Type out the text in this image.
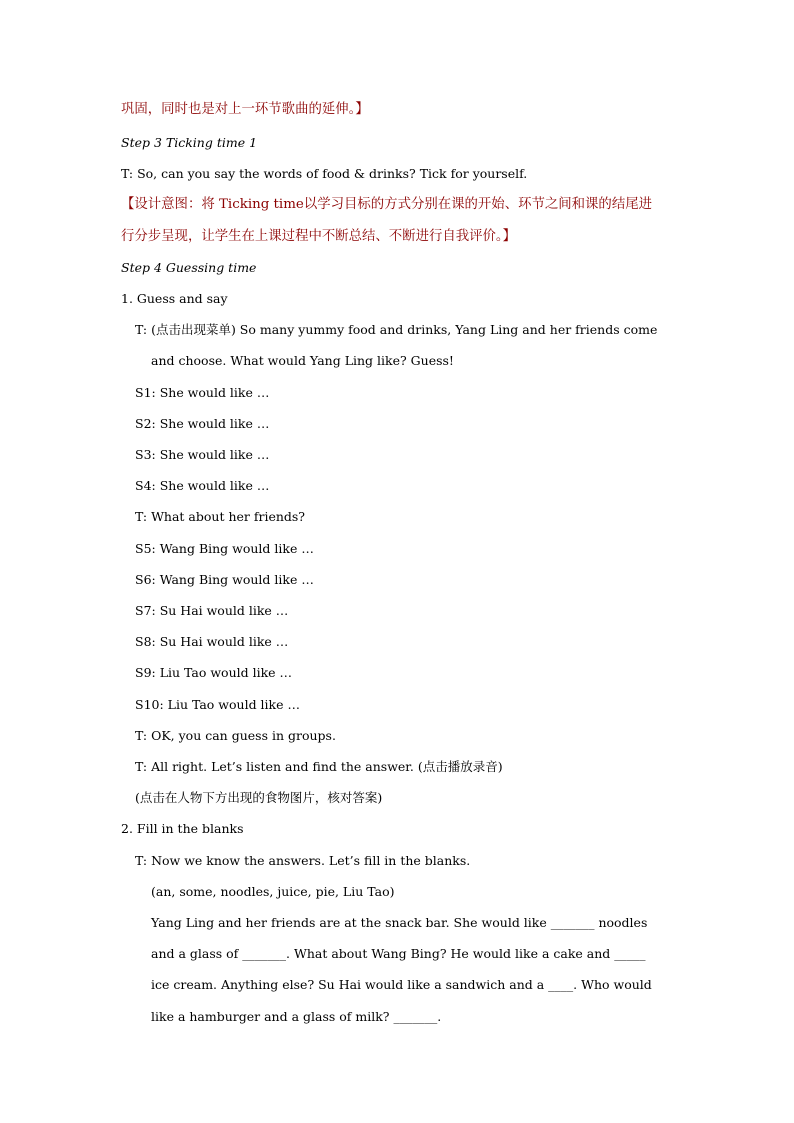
巩固，同时也是对上一环节歌曲的延伸。】
Step 3 Ticking time 1
T: So, can you say the words of food & drinks? Tick for yourself.
【设计意图：将 Ticking time以学习目标的方式分别在课的开始、环节之间和课的结尾进
行分步呈现，让学生在上课过程中不断总结、不断进行自我评价。】
Step 4 Guessing time
1. Guess and say
T: (点击出现菜单) So many yummy food and drinks, Yang Ling and her friends come
and choose. What would Yang Ling like? Guess!
S1: She would like …
S2: She would like …
S3: She would like …
S4: She would like …
T: What about her friends?
S5: Wang Bing would like …
S6: Wang Bing would like …
S7: Su Hai would like …
S8: Su Hai would like …
S9: Liu Tao would like …
S10: Liu Tao would like …
T: OK, you can guess in groups.
T: All right. Let’s listen and find the answer. (点击播放录音)
(点击在人物下方出现的食物图片，核对答案)
2. Fill in the blanks
T: Now we know the answers. Let’s fill in the blanks.
(an, some, noodles, juice, pie, Liu Tao)
Yang Ling and her friends are at the snack bar. She would like _______ noodles
and a glass of _______. What about Wang Bing? He would like a cake and _____
ice cream. Anything else? Su Hai would like a sandwich and a ____. Who would
like a hamburger and a glass of milk? _______.
